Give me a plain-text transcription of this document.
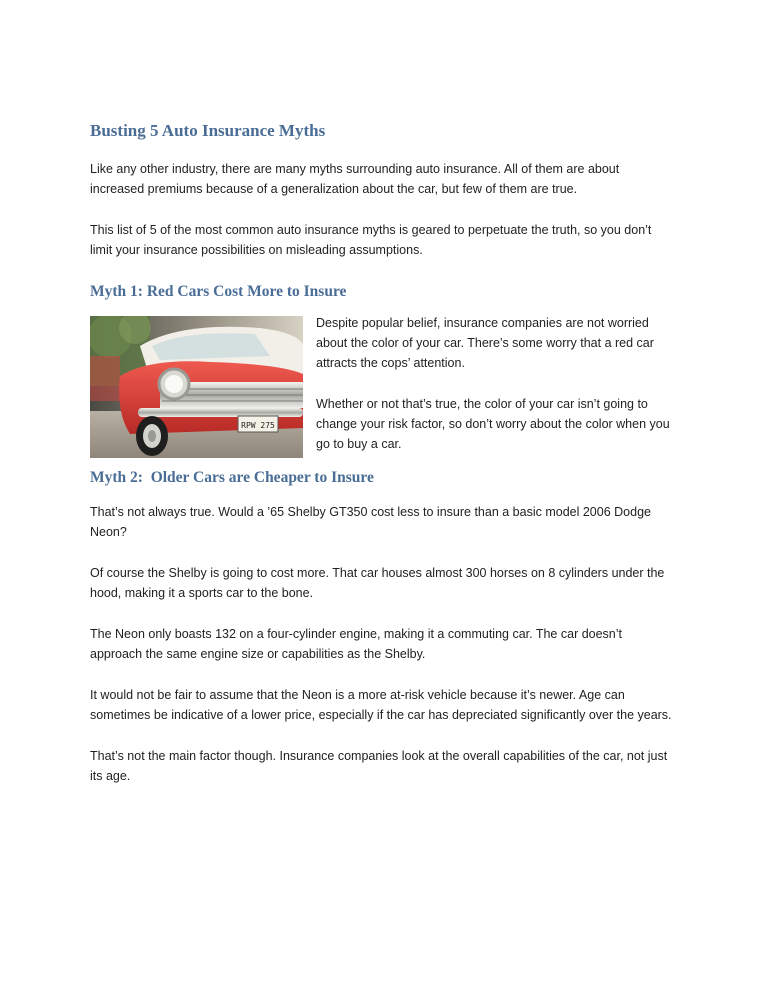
Busting 5 Auto Insurance Myths

Like any other industry, there are many myths surrounding auto insurance. All of them are about increased premiums because of a generalization about the car, but few of them are true.

This list of 5 of the most common auto insurance myths is geared to perpetuate the truth, so you don’t limit your insurance possibilities on misleading assumptions.

Myth 1: Red Cars Cost More to Insure
RPW 275

Despite popular belief, insurance companies are not worried about the color of your car. There’s some worry that a red car attracts the cops’ attention.

Whether or not that’s true, the color of your car isn’t going to change your risk factor, so don’t worry about the color when you go to buy a car.

Myth 2:  Older Cars are Cheaper to Insure

That’s not always true. Would a ’65 Shelby GT350 cost less to insure than a basic model 2006 Dodge Neon?

Of course the Shelby is going to cost more. That car houses almost 300 horses on 8 cylinders under the hood, making it a sports car to the bone.

The Neon only boasts 132 on a four-cylinder engine, making it a commuting car. The car doesn’t approach the same engine size or capabilities as the Shelby.

It would not be fair to assume that the Neon is a more at-risk vehicle because it’s newer. Age can sometimes be indicative of a lower price, especially if the car has depreciated significantly over the years.

That’s not the main factor though. Insurance companies look at the overall capabilities of the car, not just its age.
